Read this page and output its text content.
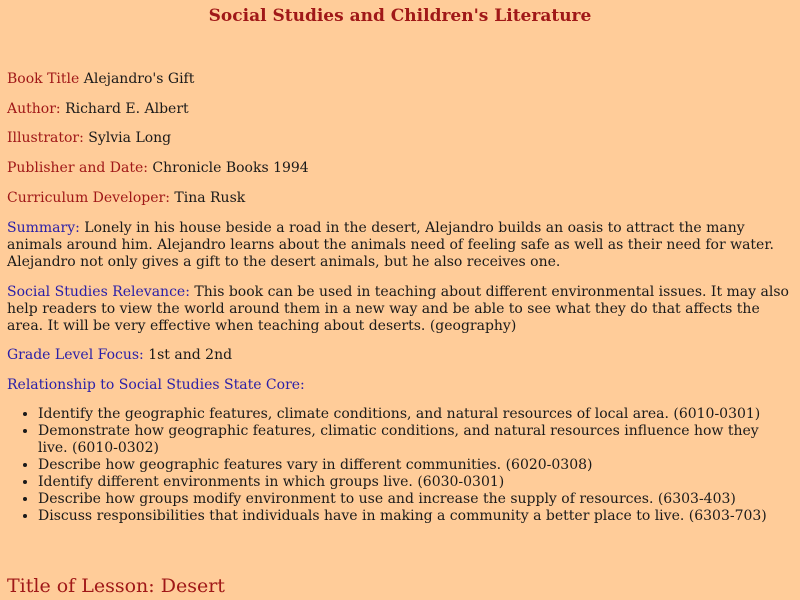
Social Studies and Children's Literature

Book Title Alejandro's Gift

Author: Richard E. Albert

Illustrator: Sylvia Long

Publisher and Date: Chronicle Books 1994

Curriculum Developer: Tina Rusk

Summary: Lonely in his house beside a road in the desert, Alejandro builds an oasis to attract the many animals around him. Alejandro learns about the animals need of feeling safe as well as their need for water. Alejandro not only gives a gift to the desert animals, but he also receives one.

Social Studies Relevance: This book can be used in teaching about different environmental issues. It may also help readers to view the world around them in a new way and be able to see what they do that affects the area. It will be very effective when teaching about deserts. (geography)

Grade Level Focus: 1st and 2nd

Relationship to Social Studies State Core:

• Identify the geographic features, climate conditions, and natural resources of local area. (6010-0301)
• Demonstrate how geographic features, climatic conditions, and natural resources influence how they live. (6010-0302)
• Describe how geographic features vary in different communities. (6020-0308)
• Identify different environments in which groups live. (6030-0301)
• Describe how groups modify environment to use and increase the supply of resources. (6303-403)
• Discuss responsibilities that individuals have in making a community a better place to live. (6303-703)
Title of Lesson: Desert
